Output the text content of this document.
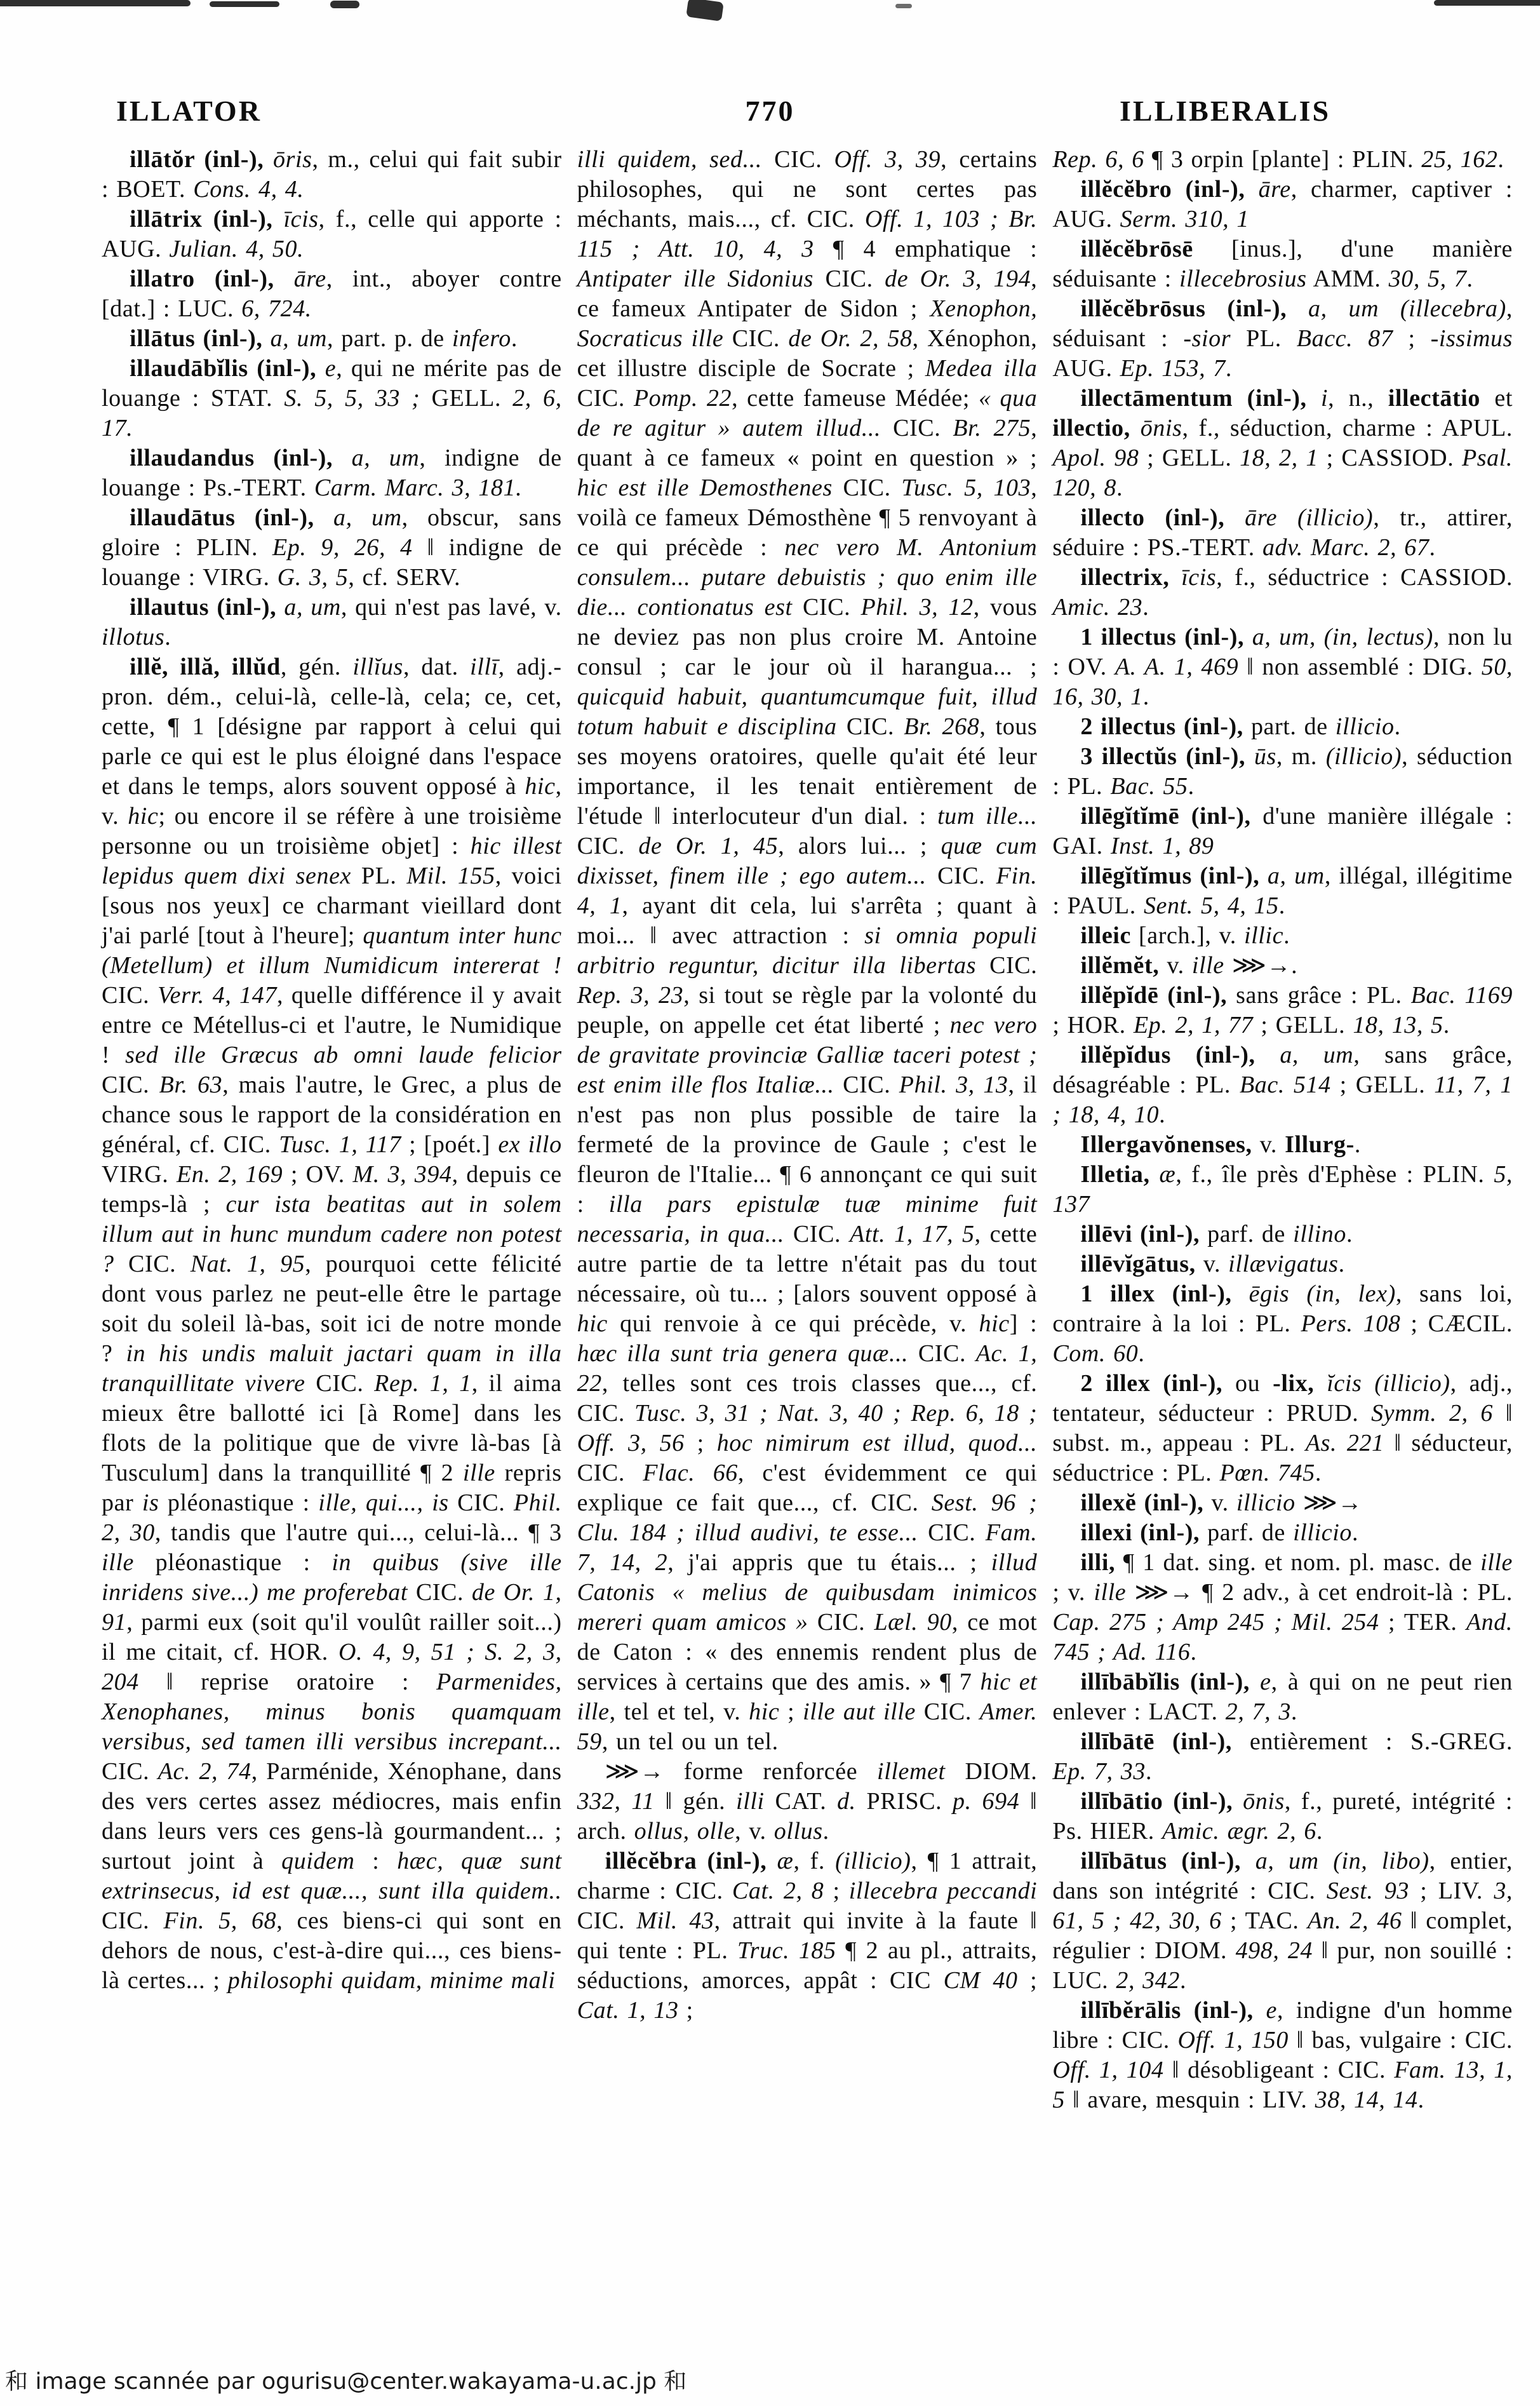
ILLATOR	770	ILLIBERALIS
illātŏr (inl-), ōris, m., celui qui fait subir : BOET. Cons. 4, 4.
illātrix (inl-), īcis, f., celle qui apporte : AUG. Julian. 4, 50.
illatro (inl-), āre, int., aboyer contre [dat.] : LUC. 6, 724.
illātus (inl-), a, um, part. p. de infero.
illaudābĭlis (inl-), e, qui ne mérite pas de louange : STAT. S. 5, 5, 33 ; GELL. 2, 6, 17.
illaudandus (inl-), a, um, indigne de louange : Ps.-TERT. Carm. Marc. 3, 181.
illaudātus (inl-), a, um, obscur, sans gloire : PLIN. Ep. 9, 26, 4 ‖ indigne de louange : VIRG. G. 3, 5, cf. SERV.
illautus (inl-), a, um, qui n'est pas lavé, v. illotus.
illĕ, illă, illŭd, gén. illĭus, dat. illī, adj.-pron. dém., celui-là, celle-là, cela; ce, cet, cette, ¶ 1 [désigne par rapport à celui qui parle ce qui est le plus éloigné dans l'espace et dans le temps, alors souvent opposé à hic, v. hic; ou encore il se réfère à une troisième personne ou un troisième objet] : hic illest lepidus quem dixi senex PL. Mil. 155, voici [sous nos yeux] ce charmant vieillard dont j'ai parlé [tout à l'heure]; quantum inter hunc (Metellum) et illum Numidicum intererat ! CIC. Verr. 4, 147, quelle différence il y avait entre ce Métellus-ci et l'autre, le Numidique ! sed ille Græcus ab omni laude felicior CIC. Br. 63, mais l'autre, le Grec, a plus de chance sous le rapport de la considération en général, cf. CIC. Tusc. 1, 117 ; [poét.] ex illo VIRG. En. 2, 169 ; OV. M. 3, 394, depuis ce temps-là ; cur ista beatitas aut in solem illum aut in hunc mundum cadere non potest ? CIC. Nat. 1, 95, pourquoi cette félicité dont vous parlez ne peut-elle être le partage soit du soleil là-bas, soit ici de notre monde ? in his undis maluit jactari quam in illa tranquillitate vivere CIC. Rep. 1, 1, il aima mieux être ballotté ici [à Rome] dans les flots de la politique que de vivre là-bas [à Tusculum] dans la tranquillité ¶ 2 ille repris par is pléonastique : ille, qui..., is CIC. Phil. 2, 30, tandis que l'autre qui..., celui-là... ¶ 3 ille pléonastique : in quibus (sive ille inridens sive...) me proferebat CIC. de Or. 1, 91, parmi eux (soit qu'il voulût railler soit...) il me citait, cf. HOR. O. 4, 9, 51 ; S. 2, 3, 204 ‖ reprise oratoire : Parmenides, Xenophanes, minus bonis quamquam versibus, sed tamen illi versibus increpant... CIC. Ac. 2, 74, Parménide, Xénophane, dans des vers certes assez médiocres, mais enfin dans leurs vers ces gens-là gourmandent... ; surtout joint à quidem : hæc, quæ sunt extrinsecus, id est quæ..., sunt illa quidem.. CIC. Fin. 5, 68, ces biens-ci qui sont en dehors de nous, c'est-à-dire qui..., ces biens-là certes... ; philosophi quidam, minime mali
illi quidem, sed... CIC. Off. 3, 39, certains philosophes, qui ne sont certes pas méchants, mais..., cf. CIC. Off. 1, 103 ; Br. 115 ; Att. 10, 4, 3 ¶ 4 emphatique : Antipater ille Sidonius CIC. de Or. 3, 194, ce fameux Antipater de Sidon ; Xenophon, Socraticus ille CIC. de Or. 2, 58, Xénophon, cet illustre disciple de Socrate ; Medea illa CIC. Pomp. 22, cette fameuse Médée; « qua de re agitur » autem illud... CIC. Br. 275, quant à ce fameux « point en question » ; hic est ille Demosthenes CIC. Tusc. 5, 103, voilà ce fameux Démosthène ¶ 5 renvoyant à ce qui précède : nec vero M. Antonium consulem... putare debuistis ; quo enim ille die... contionatus est CIC. Phil. 3, 12, vous ne deviez pas non plus croire M. Antoine consul ; car le jour où il harangua... ; quicquid habuit, quantumcumque fuit, illud totum habuit e disciplina CIC. Br. 268, tous ses moyens oratoires, quelle qu'ait été leur importance, il les tenait entièrement de l'étude ‖ interlocuteur d'un dial. : tum ille... CIC. de Or. 1, 45, alors lui... ; quæ cum dixisset, finem ille ; ego autem... CIC. Fin. 4, 1, ayant dit cela, lui s'arrêta ; quant à moi... ‖ avec attraction : si omnia populi arbitrio reguntur, dicitur illa libertas CIC. Rep. 3, 23, si tout se règle par la volonté du peuple, on appelle cet état liberté ; nec vero de gravitate provinciæ Galliæ taceri potest ; est enim ille flos Italiæ... CIC. Phil. 3, 13, il n'est pas non plus possible de taire la fermeté de la province de Gaule ; c'est le fleuron de l'Italie... ¶ 6 annonçant ce qui suit : illa pars epistulæ tuæ minime fuit necessaria, in qua... CIC. Att. 1, 17, 5, cette autre partie de ta lettre n'était pas du tout nécessaire, où tu... ; [alors souvent opposé à hic qui renvoie à ce qui précède, v. hic] : hæc illa sunt tria genera quæ... CIC. Ac. 1, 22, telles sont ces trois classes que..., cf. CIC. Tusc. 3, 31 ; Nat. 3, 40 ; Rep. 6, 18 ; Off. 3, 56 ; hoc nimirum est illud, quod... CIC. Flac. 66, c'est évidemment ce qui explique ce fait que..., cf. CIC. Sest. 96 ; Clu. 184 ; illud audivi, te esse... CIC. Fam. 7, 14, 2, j'ai appris que tu étais... ; illud Catonis « melius de quibusdam inimicos mereri quam amicos » CIC. Læl. 90, ce mot de Caton : « des ennemis rendent plus de services à certains que des amis. » ¶ 7 hic et ille, tel et tel, v. hic ; ille aut ille CIC. Amer. 59, un tel ou un tel.
⋙→ forme renforcée illemet DIOM. 332, 11 ‖ gén. illi CAT. d. PRISC. p. 694 ‖ arch. ollus, olle, v. ollus.
illĕcĕbra (inl-), æ, f. (illicio), ¶ 1 attrait, charme : CIC. Cat. 2, 8 ; illecebra peccandi CIC. Mil. 43, attrait qui invite à la faute ‖ qui tente : PL. Truc. 185 ¶ 2 au pl., attraits, séductions, amorces, appât : CIC CM 40 ; Cat. 1, 13 ;
Rep. 6, 6 ¶ 3 orpin [plante] : PLIN. 25, 162.
illĕcĕbro (inl-), āre, charmer, captiver : AUG. Serm. 310, 1
illĕcĕbrōsē [inus.], d'une manière séduisante : illecebrosius AMM. 30, 5, 7.
illĕcĕbrōsus (inl-), a, um (illecebra), séduisant : -sior PL. Bacc. 87 ; -issimus AUG. Ep. 153, 7.
illectāmentum (inl-), i, n., illectātio et illectio, ōnis, f., séduction, charme : APUL. Apol. 98 ; GELL. 18, 2, 1 ; CASSIOD. Psal. 120, 8.
illecto (inl-), āre (illicio), tr., attirer, séduire : PS.-TERT. adv. Marc. 2, 67.
illectrix, īcis, f., séductrice : CASSIOD. Amic. 23.
1 illectus (inl-), a, um, (in, lectus), non lu : OV. A. A. 1, 469 ‖ non assemblé : DIG. 50, 16, 30, 1.
2 illectus (inl-), part. de illicio.
3 illectŭs (inl-), ūs, m. (illicio), séduction : PL. Bac. 55.
illēgĭtĭmē (inl-), d'une manière illégale : GAI. Inst. 1, 89
illēgĭtĭmus (inl-), a, um, illégal, illégitime : PAUL. Sent. 5, 4, 15.
illeic [arch.], v. illic.
illĕmĕt, v. ille ⋙→.
illĕpĭdē (inl-), sans grâce : PL. Bac. 1169 ; HOR. Ep. 2, 1, 77 ; GELL. 18, 13, 5.
illĕpĭdus (inl-), a, um, sans grâce, désagréable : PL. Bac. 514 ; GELL. 11, 7, 1 ; 18, 4, 10.
Illergavŏnenses, v. Illurg-.
Illetia, æ, f., île près d'Ephèse : PLIN. 5, 137
illēvi (inl-), parf. de illino.
illēvĭgātus, v. illævigatus.
1 illex (inl-), ēgis (in, lex), sans loi, contraire à la loi : PL. Pers. 108 ; CÆCIL. Com. 60.
2 illex (inl-), ou -lix, ĭcis (illicio), adj., tentateur, séducteur : PRUD. Symm. 2, 6 ‖ subst. m., appeau : PL. As. 221 ‖ séducteur, séductrice : PL. Pœn. 745.
illexĕ (inl-), v. illicio ⋙→
illexi (inl-), parf. de illicio.
illi, ¶ 1 dat. sing. et nom. pl. masc. de ille ; v. ille ⋙→ ¶ 2 adv., à cet endroit-là : PL. Cap. 275 ; Amp 245 ; Mil. 254 ; TER. And. 745 ; Ad. 116.
illībābĭlis (inl-), e, à qui on ne peut rien enlever : LACT. 2, 7, 3.
illībātē (inl-), entièrement : S.-GREG. Ep. 7, 33.
illībātio (inl-), ōnis, f., pureté, intégrité : Ps. HIER. Amic. ægr. 2, 6.
illībātus (inl-), a, um (in, libo), entier, dans son intégrité : CIC. Sest. 93 ; LIV. 3, 61, 5 ; 42, 30, 6 ; TAC. An. 2, 46 ‖ complet, régulier : DIOM. 498, 24 ‖ pur, non souillé : LUC. 2, 342.
illīběrālis (inl-), e, indigne d'un homme libre : CIC. Off. 1, 150 ‖ bas, vulgaire : CIC. Off. 1, 104 ‖ désobligeant : CIC. Fam. 13, 1, 5 ‖ avare, mesquin : LIV. 38, 14, 14.
和 image scannée par ogurisu@center.wakayama-u.ac.jp 和
